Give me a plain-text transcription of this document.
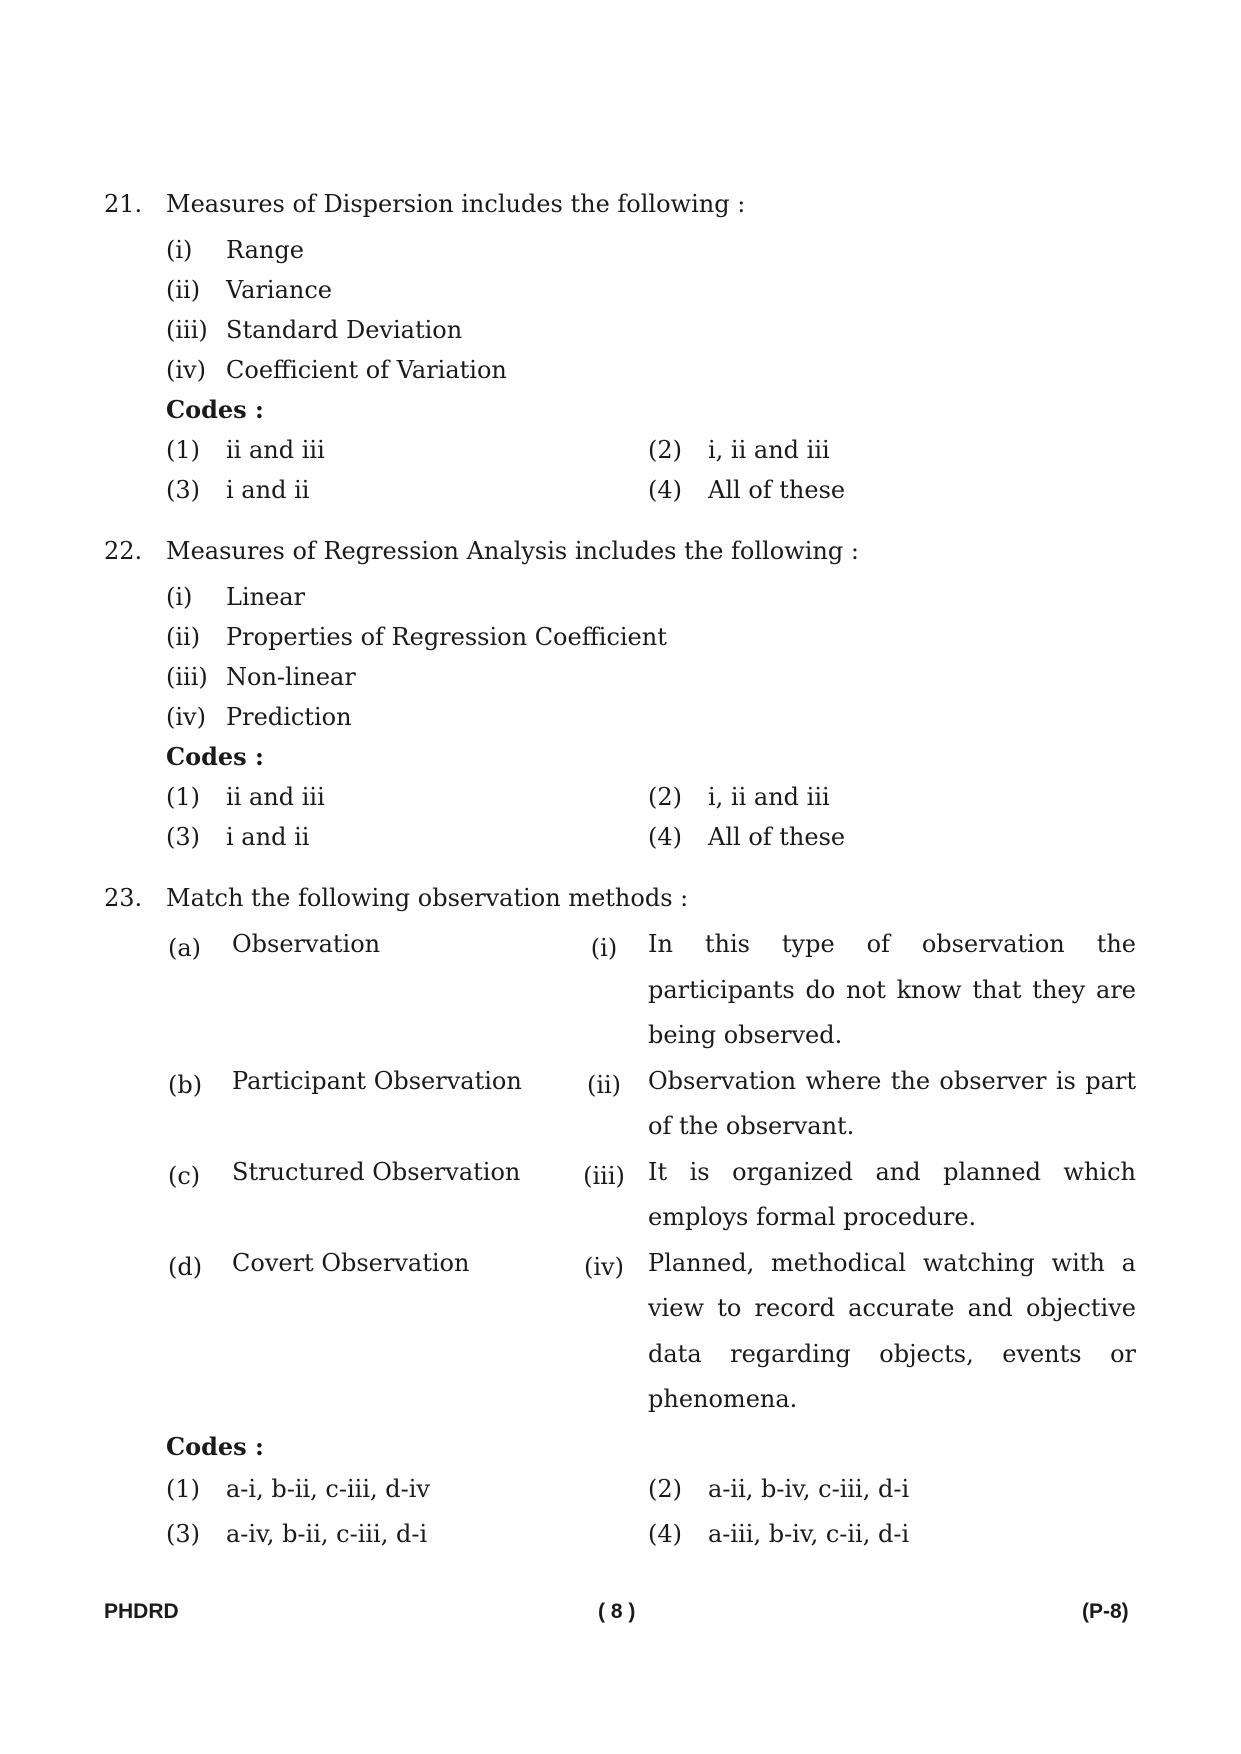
21. Measures of Dispersion includes the following :
(i) Range
(ii) Variance
(iii) Standard Deviation
(iv) Coefficient of Variation
Codes :
(1) ii and iii	(2) i, ii and iii
(3) i and ii	(4) All of these
22. Measures of Regression Analysis includes the following :
(i) Linear
(ii) Properties of Regression Coefficient
(iii) Non-linear
(iv) Prediction
Codes :
(1) ii and iii	(2) i, ii and iii
(3) i and ii	(4) All of these
23. Match the following observation methods :
(a) Observation	(i)	In this type of observation the participants do not know that they are being observed.
(b) Participant Observation	(ii) Observation where the observer is part of the observant.
(c) Structured Observation	(iii) It is organized and planned which employs formal procedure.
(d) Covert Observation	(iv) Planned, methodical watching with a view to record accurate and objective data regarding objects, events or phenomena.
Codes :
(1) a-i, b-ii, c-iii, d-iv	(2) a-ii, b-iv, c-iii, d-i
(3) a-iv, b-ii, c-iii, d-i	(4) a-iii, b-iv, c-ii, d-i
PHDRD	( 8 )	(P-8)
